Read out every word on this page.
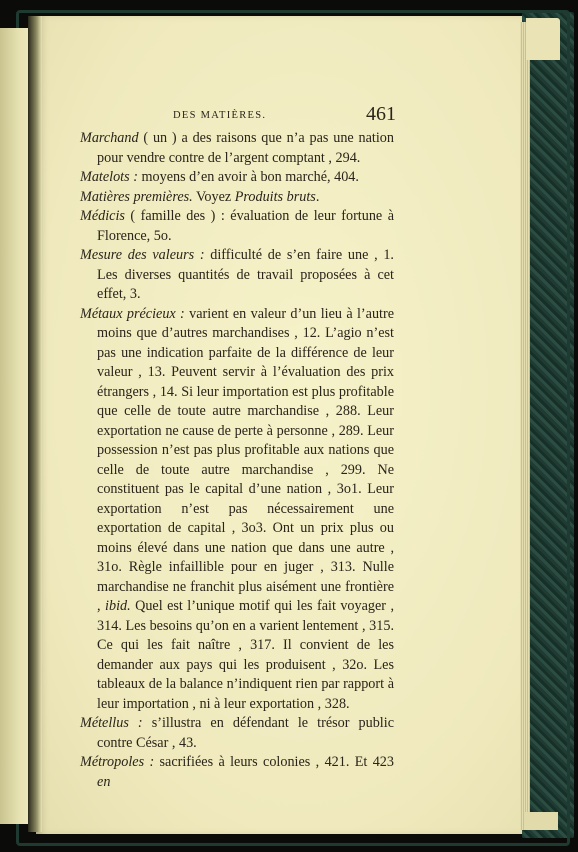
DES MATIÈRES.	461

Marchand ( un ) a des raisons que n’a pas une nation pour vendre contre de l’argent comptant , 294.

Matelots : moyens d’en avoir à bon marché, 404.

Matières premières. Voyez Produits bruts.

Médicis ( famille des ) : évaluation de leur fortune à Florence, 5o.

Mesure des valeurs : difficulté de s’en faire une , 1. Les diverses quantités de travail proposées à cet effet, 3.

Métaux précieux : varient en valeur d’un lieu à l’autre moins que d’autres marchandises , 12. L’agio n’est pas une indication parfaite de la différence de leur valeur , 13. Peuvent servir à l’évaluation des prix étrangers , 14. Si leur importation est plus profitable que celle de toute autre marchandise , 288. Leur exportation ne cause de perte à personne , 289. Leur possession n’est pas plus profitable aux nations que celle de toute autre marchandise , 299. Ne constituent pas le capital d’une nation , 3o1. Leur exportation n’est pas nécessairement une exportation de capital , 3o3. Ont un prix plus ou moins élevé dans une nation que dans une autre , 31o. Règle infaillible pour en juger , 313. Nulle marchandise ne franchit plus aisément une frontière , ibid. Quel est l’unique motif qui les fait voyager , 314. Les besoins qu’on en a varient lentement , 315. Ce qui les fait naître , 317. Il convient de les demander aux pays qui les produisent , 32o. Les tableaux de la balance n’indiquent rien par rapport à leur importation , ni à leur exportation , 328.

Métellus : s’illustra en défendant le trésor public contre César , 43.

Métropoles : sacrifiées à leurs colonies , 421. Et 423 en
